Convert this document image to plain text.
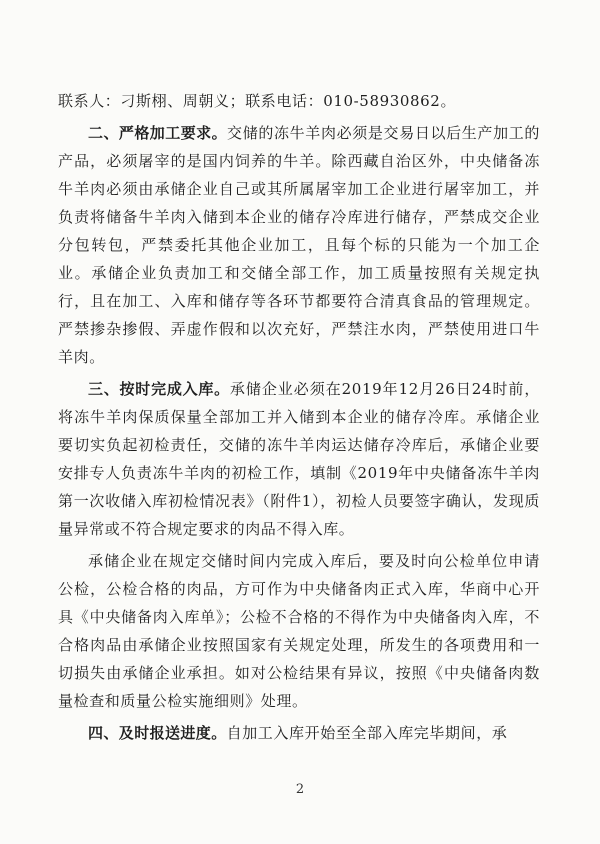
联系人：刁斯栩、周朝义；联系电话：010-58930862。

二、严格加工要求。交储的冻牛羊肉必须是交易日以后生产加工的产品，必须屠宰的是国内饲养的牛羊。除西藏自治区外，中央储备冻牛羊肉必须由承储企业自己或其所属屠宰加工企业进行屠宰加工，并负责将储备牛羊肉入储到本企业的储存冷库进行储存，严禁成交企业分包转包，严禁委托其他企业加工，且每个标的只能为一个加工企业。承储企业负责加工和交储全部工作，加工质量按照有关规定执行，且在加工、入库和储存等各环节都要符合清真食品的管理规定。严禁掺杂掺假、弄虚作假和以次充好，严禁注水肉，严禁使用进口牛羊肉。

三、按时完成入库。承储企业必须在2019年12月26日24时前，将冻牛羊肉保质保量全部加工并入储到本企业的储存冷库。承储企业要切实负起初检责任，交储的冻牛羊肉运达储存冷库后，承储企业要安排专人负责冻牛羊肉的初检工作，填制《2019年中央储备冻牛羊肉第一次收储入库初检情况表》（附件1），初检人员要签字确认，发现质量异常或不符合规定要求的肉品不得入库。

承储企业在规定交储时间内完成入库后，要及时向公检单位申请公检，公检合格的肉品，方可作为中央储备肉正式入库，华商中心开具《中央储备肉入库单》；公检不合格的不得作为中央储备肉入库，不合格肉品由承储企业按照国家有关规定处理，所发生的各项费用和一切损失由承储企业承担。如对公检结果有异议，按照《中央储备肉数量检查和质量公检实施细则》处理。

四、及时报送进度。自加工入库开始至全部入库完毕期间，承

2
